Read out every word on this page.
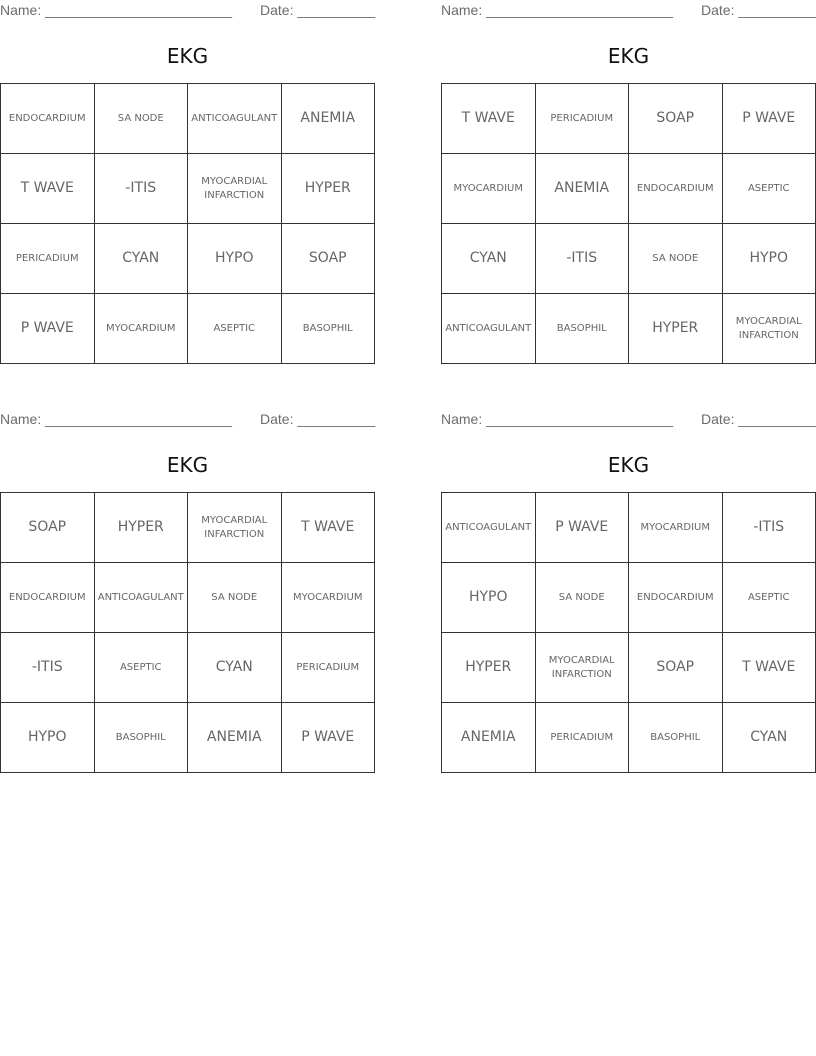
Name: ________________________ Date: __________
EKG
ENDOCARDIUM	SA NODE	ANTICOAGULANT	ANEMIA
T WAVE	-ITIS	MYOCARDIAL INFARCTION	HYPER
PERICADIUM	CYAN	HYPO	SOAP
P WAVE	MYOCARDIUM	ASEPTIC	BASOPHIL
Name: ________________________ Date: __________
EKG
T WAVE	PERICADIUM	SOAP	P WAVE
MYOCARDIUM	ANEMIA	ENDOCARDIUM	ASEPTIC
CYAN	-ITIS	SA NODE	HYPO
ANTICOAGULANT	BASOPHIL	HYPER	MYOCARDIAL INFARCTION
Name: ________________________ Date: __________
EKG
SOAP	HYPER	MYOCARDIAL INFARCTION	T WAVE
ENDOCARDIUM	ANTICOAGULANT	SA NODE	MYOCARDIUM
-ITIS	ASEPTIC	CYAN	PERICADIUM
HYPO	BASOPHIL	ANEMIA	P WAVE
Name: ________________________ Date: __________
EKG
ANTICOAGULANT	P WAVE	MYOCARDIUM	-ITIS
HYPO	SA NODE	ENDOCARDIUM	ASEPTIC
HYPER	MYOCARDIAL INFARCTION	SOAP	T WAVE
ANEMIA	PERICADIUM	BASOPHIL	CYAN
